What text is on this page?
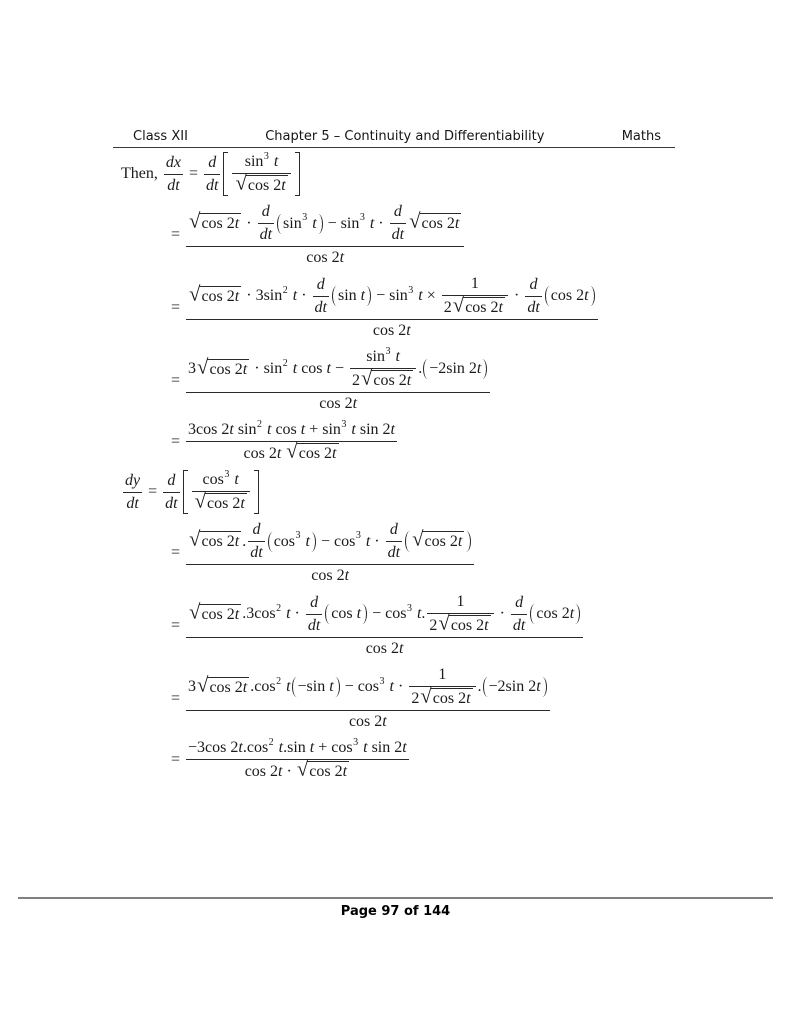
Class XII	Chapter 5 – Continuity and Differentiability	Maths
Then, $\frac{dx}{dt} = \frac{d}{dt} \frac{\sin 3 t}{√ \cos 2 t}$
= $\frac{√ \cos 2 t \cdot \frac{d}{dt} \sin 3 t - \sin 3 t \cdot \frac{d}{dt} √ \cos 2 t}{\cos 2 t}$
=
√ cos 2 t · 3sin 2 $t \cdot \frac{d}{dt}$ sin t − sin 3 $t \times \frac{1}{2 √ \cos 2 t} \cdot \frac{d}{dt}$ cos 2 t
cos 2 t
= $\frac{3 √ \cos 2 t \cdot \sin 2 t \cos t - \frac{\sin 3 t}{2 √ \cos 2 t} . -2\sin 2 t}{\cos 2 t}$
= 3cos 2 t sin 2 t cos t + sin 3 t sin 2 t
cos 2 t
√ cos 2 t
$\frac{dy}{dt} = \frac{d}{dt} \frac{\cos 3 t}{√ \cos 2 t}$
= $\frac{√ \cos 2 t . \frac{d}{dt} \cos 3 t - \cos 3 t \cdot \frac{d}{dt} √ \cos 2 t}{\cos 2 t}$
= $\frac{√ \cos 2 t .3\cos 2 t \cdot \frac{d}{dt} \cos t - \cos 3 t . \frac{1}{2 √ \cos 2 t} \cdot \frac{d}{dt} \cos 2 t}{\cos 2 t}$
= $\frac{3 √ \cos 2 t .\cos 2 t -\sin t - \cos 3 t \cdot \frac{1}{2 √ \cos 2 t} . -2\sin 2 t}{\cos 2 t}$
= $\frac{\text{−3cos 2 t .cos 2 t .sin t + cos 3 t sin 2 t}}{\cos 2 t \cdot √ \cos 2 t}$
Page 97 of 144
